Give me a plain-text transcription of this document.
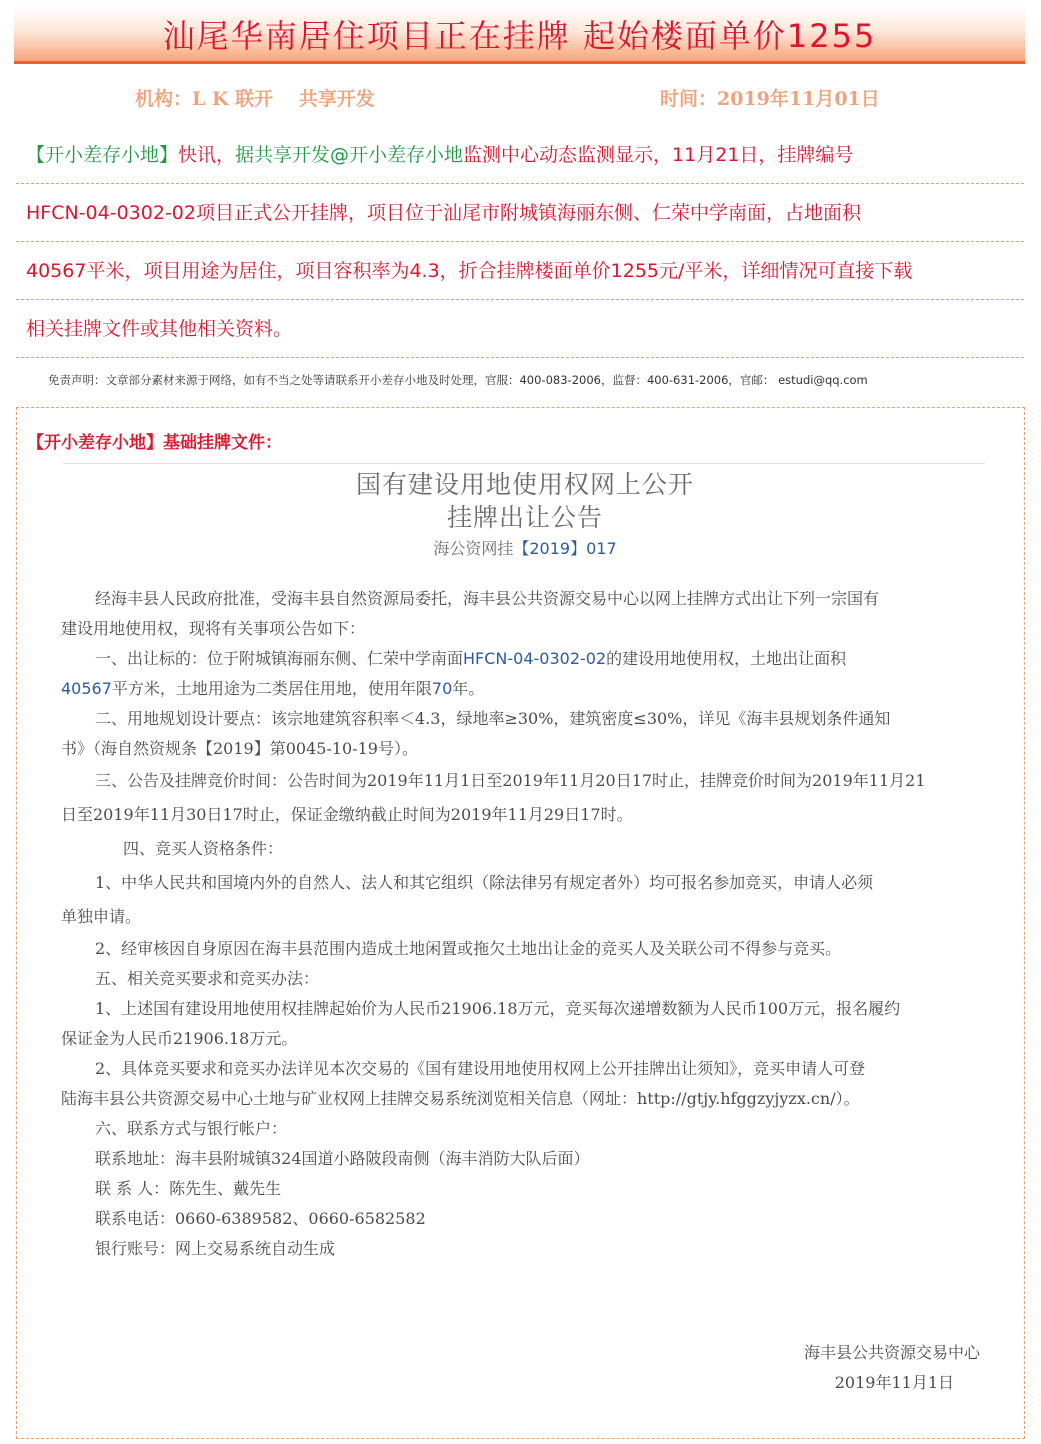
汕尾华南居住项目正在挂牌 起始楼面单价1255
机构：L K 联开　 共享开发	时间：2019年11月01日
【开小差存小地】快讯，据共享开发@开小差存小地监测中心动态监测显示，11月21日，挂牌编号
HFCN-04-0302-02项目正式公开挂牌，项目位于汕尾市附城镇海丽东侧、仁荣中学南面，占地面积
40567平米，项目用途为居住，项目容积率为4.3，折合挂牌楼面单价1255元/平米，详细情况可直接下载
相关挂牌文件或其他相关资料。
免责声明：文章部分素材来源于网络，如有不当之处等请联系开小差存小地及时处理，官服：400-083-2006，监督：400-631-2006，官邮： estudi@qq.com
【开小差存小地】基础挂牌文件：
国有建设用地使用权网上公开
挂牌出让公告
海公资网挂【2019】017
经海丰县人民政府批准，受海丰县自然资源局委托，海丰县公共资源交易中心以网上挂牌方式出让下列一宗国有
建设用地使用权，现将有关事项公告如下：
一、出让标的：位于附城镇海丽东侧、仁荣中学南面HFCN-04-0302-02的建设用地使用权，土地出让面积
40567平方米，土地用途为二类居住用地，使用年限70年。
二、用地规划设计要点：该宗地建筑容积率＜4.3，绿地率≥30%，建筑密度≤30%，详见《海丰县规划条件通知
书》（海自然资规条【2019】第0045-10-19号）。
三、公告及挂牌竞价时间：公告时间为2019年11月1日至2019年11月20日17时止，挂牌竞价时间为2019年11月21
日至2019年11月30日17时止，保证金缴纳截止时间为2019年11月29日17时。
四、竞买人资格条件：
1、中华人民共和国境内外的自然人、法人和其它组织（除法律另有规定者外）均可报名参加竞买，申请人必须
单独申请。
2、经审核因自身原因在海丰县范围内造成土地闲置或拖欠土地出让金的竞买人及关联公司不得参与竞买。
五、相关竞买要求和竞买办法：
1、上述国有建设用地使用权挂牌起始价为人民币21906.18万元，竞买每次递增数额为人民币100万元，报名履约
保证金为人民币21906.18万元。
2、具体竞买要求和竞买办法详见本次交易的《国有建设用地使用权网上公开挂牌出让须知》，竞买申请人可登
陆海丰县公共资源交易中心土地与矿业权网上挂牌交易系统浏览相关信息（网址：http://gtjy.hfggzyjyzx.cn/）。
六、联系方式与银行帐户：
联系地址：海丰县附城镇324国道小路陂段南侧（海丰消防大队后面）
联 系 人：陈先生、戴先生
联系电话：0660-6389582、0660-6582582
银行账号：网上交易系统自动生成
海丰县公共资源交易中心
2019年11月1日
